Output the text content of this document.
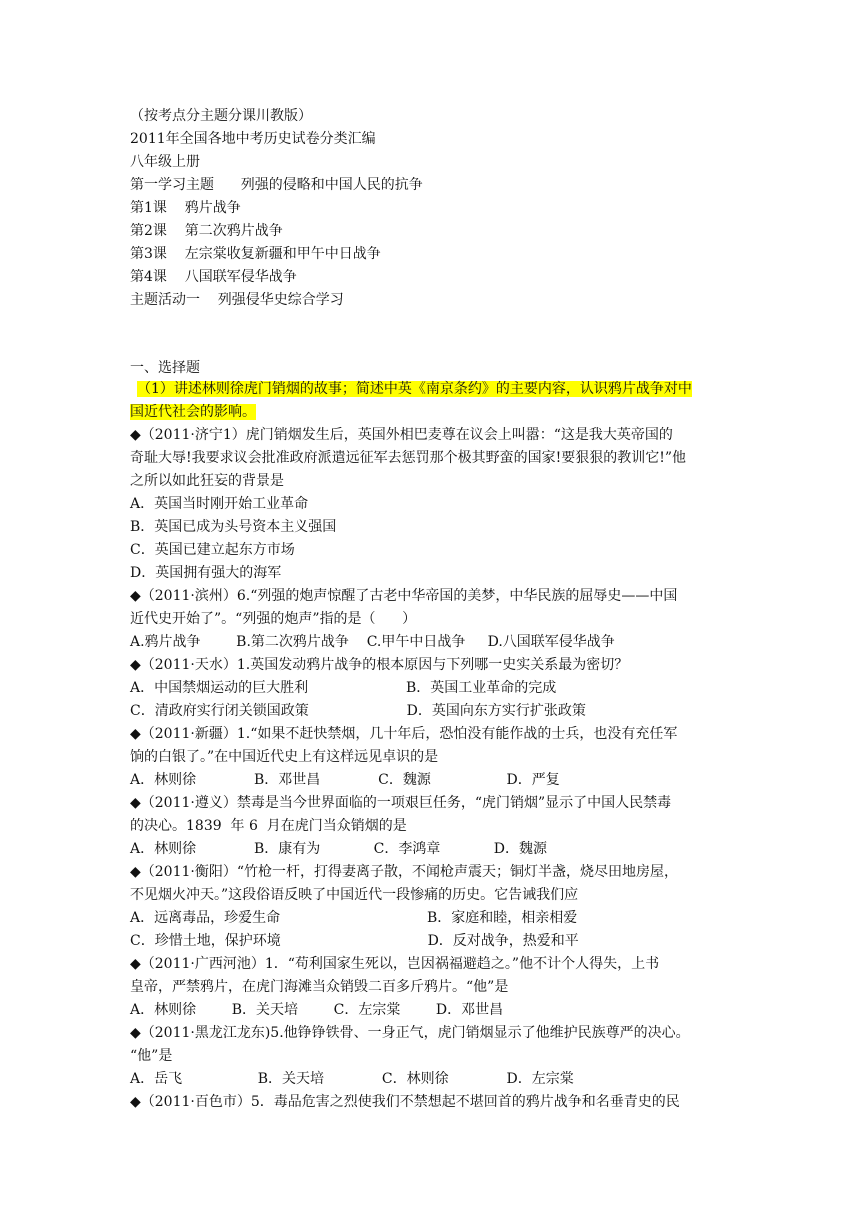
（按考点分主题分课川教版）
2011年全国各地中考历史试卷分类汇编
八年级上册
第一学习主题      列强的侵略和中国人民的抗争
第1课    鸦片战争
第2课    第二次鸦片战争
第3课    左宗棠收复新疆和甲午中日战争
第4课    八国联军侵华战争
主题活动一    列强侵华史综合学习
一、选择题
（1）讲述林则徐虎门销烟的故事；简述中英《南京条约》的主要内容，认识鸦片战争对中
国近代社会的影响。
◆（2011·济宁1）虎门销烟发生后，英国外相巴麦尊在议会上叫嚣：“这是我大英帝国的
奇耻大辱!我要求议会批准政府派遣远征军去惩罚那个极其野蛮的国家!要狠狠的教训它!”他
之所以如此狂妄的背景是
A．英国当时刚开始工业革命
B．英国已成为头号资本主义强国
C．英国已建立起东方市场
D．英国拥有强大的海军
◆（2011·滨州）6.“列强的炮声惊醒了古老中华帝国的美梦，中华民族的屈辱史——中国
近代史开始了”。“列强的炮声”指的是（      ）
A.鸦片战争        B.第二次鸦片战争    C.甲午中日战争     D.八国联军侵华战争
◆（2011·天水）1.英国发动鸦片战争的根本原因与下列哪一史实关系最为密切？
A．中国禁烟运动的巨大胜利                      B．英国工业革命的完成
C．清政府实行闭关锁国政策                      D．英国向东方实行扩张政策
◆（2011·新疆）1.“如果不赶快禁烟，几十年后，恐怕没有能作战的士兵，也没有充任军
饷的白银了。”在中国近代史上有这样远见卓识的是
A．林则徐             B．邓世昌             C．魏源                 D．严复
◆（2011·遵义）禁毒是当今世界面临的一项艰巨任务，“虎门销烟”显示了中国人民禁毒
的决心。1839  年 6  月在虎门当众销烟的是
A．林则徐             B．康有为            C．李鸿章            D．魏源
◆（2011·衡阳）“竹枪一杆，打得妻离子散，不闻枪声震天；铜灯半盏，烧尽田地房屋，
不见烟火冲天。”这段俗语反映了中国近代一段惨痛的历史。它告诫我们应
A．远离毒品，珍爱生命                                 B．家庭和睦，相亲相爱
C．珍惜土地，保护环境                                 D．反对战争，热爱和平
◆（2011·广西河池）1．“苟利国家生死以，岂因祸福避趋之。”他不计个人得失，上书
皇帝，严禁鸦片，在虎门海滩当众销毁二百多斤鸦片。“他”是
A．林则徐        B．关天培        C．左宗棠        D．邓世昌
◆（2011·黑龙江龙东)5.他铮铮铁骨、一身正气，虎门销烟显示了他维护民族尊严的决心。
“他”是
A．岳飞                 B．关天培             C．林则徐             D．左宗棠
◆（2011·百色市）5．毒品危害之烈使我们不禁想起不堪回首的鸦片战争和名垂青史的民
